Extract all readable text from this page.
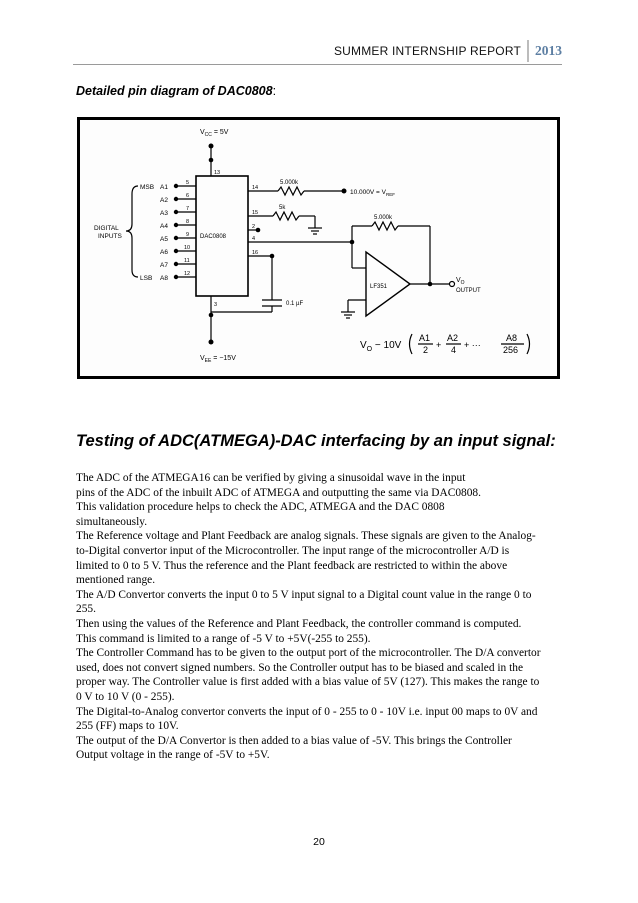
SUMMER INTERNSHIP REPORT 2013
Detailed pin diagram of DAC0808:
$V_{CC} = 5V$
$V_{EE} = -15V$
DAC0808
LF351
DIGITAL
INPUTS
MSB
LSB
A1
A2
A3
A4
A5
A6
A7
A8
5
6
7
8
9
10
11
12
13
14
15
2
4
16
3
5.000k
5k
5.000k
$10.000V = V_{REF}$
0.1 µF
$V_O$
OUTPUT
$V_O - 10V$
A1
2 +
A2
4 + ···
A8
256
Testing of ADC(ATMEGA)-DAC interfacing by an input signal:

The ADC of the ATMEGA16 can be verified by giving a sinusoidal wave in the input

pins of the ADC of the inbuilt ADC of ATMEGA and outputting the same via DAC0808.

This validation procedure helps to check the ADC, ATMEGA and the DAC 0808

simultaneously.

The Reference voltage and Plant Feedback are analog signals. These signals are given to the Analog-

to-Digital convertor input of the Microcontroller. The input range of the microcontroller A/D is

limited to 0 to 5 V. Thus the reference and the Plant feedback are restricted to within the above

mentioned range.

The A/D Convertor converts the input 0 to 5 V input signal to a Digital count value in the range 0 to

255.

Then using the values of the Reference and Plant Feedback, the controller command is computed.

This command is limited to a range of -5 V to +5V(-255 to 255).

The Controller Command has to be given to the output port of the microcontroller. The D/A convertor

used, does not convert signed numbers. So the Controller output has to be biased and scaled in the

proper way. The Controller value is first added with a bias value of 5V (127). This makes the range to

0 V to 10 V (0 - 255).

The Digital-to-Analog convertor converts the input of 0 - 255 to 0 - 10V i.e. input 00 maps to 0V and

255 (FF) maps to 10V.

The output of the D/A Convertor is then added to a bias value of -5V. This brings the Controller

Output voltage in the range of -5V to +5V.

20
